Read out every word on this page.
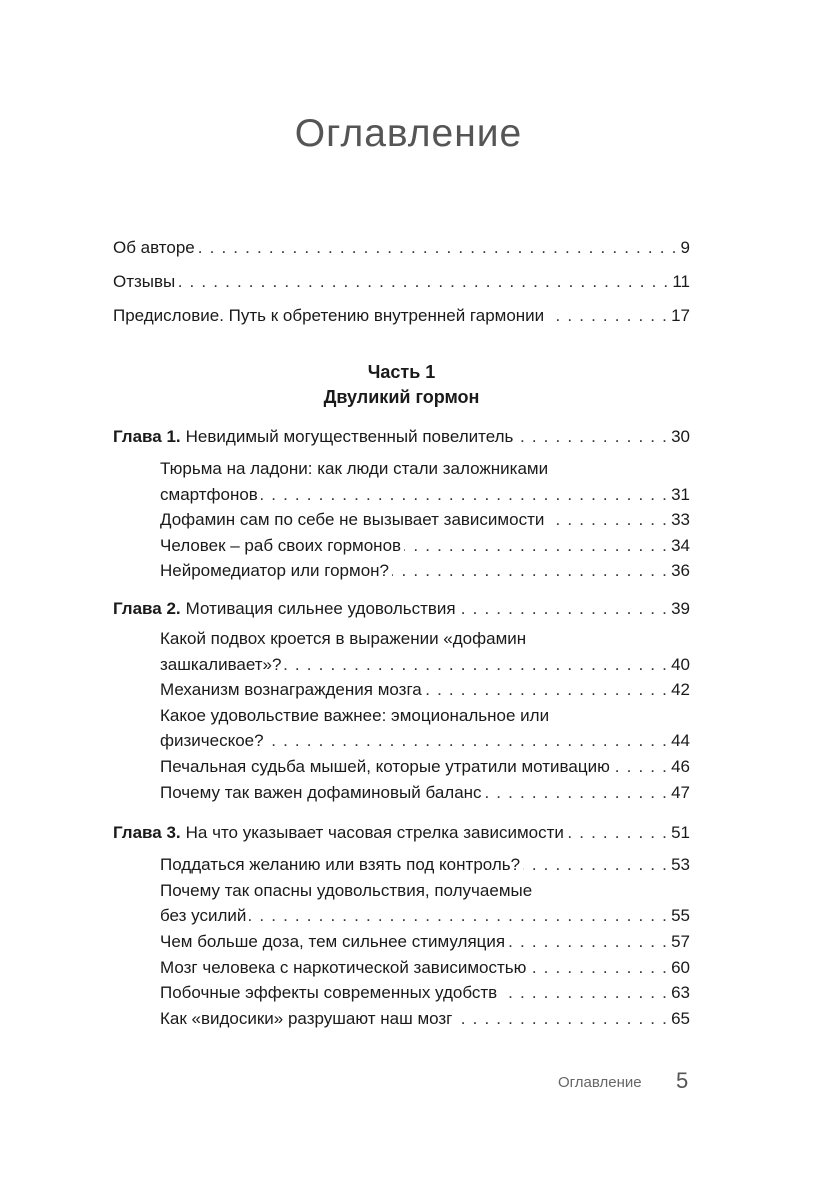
Оглавление
Об авторе . . .	9
Отзывы . . .	11
Предисловие. Путь к обретению внутренней гармонии . . .	17
Часть 1
Двуликий гормон
Глава 1. Невидимый могущественный повелитель . . .	30
Тюрьма на ладони: как люди стали заложниками
смартфонов . . .	31
Дофамин сам по себе не вызывает зависимости . . .	33
Человек – раб своих гормонов . . .	34
Нейромедиатор или гормон? . . .	36
Глава 2. Мотивация сильнее удовольствия . . .	39
Какой подвох кроется в выражении «дофамин
зашкаливает»? . . .	40
Механизм вознаграждения мозга . . .	42
Какое удовольствие важнее: эмоциональное или
физическое? . . .	44
Печальная судьба мышей, которые утратили мотивацию . . .	46
Почему так важен дофаминовый баланс . . .	47
Глава 3. На что указывает часовая стрелка зависимости . . .	51
Поддаться желанию или взять под контроль? . . .	53
Почему так опасны удовольствия, получаемые
без усилий . . .	55
Чем больше доза, тем сильнее стимуляция . . .	57
Мозг человека с наркотической зависимостью . . .	60
Побочные эффекты современных удобств . . .	63
Как «видосики» разрушают наш мозг . . .	65
Оглавление 5
